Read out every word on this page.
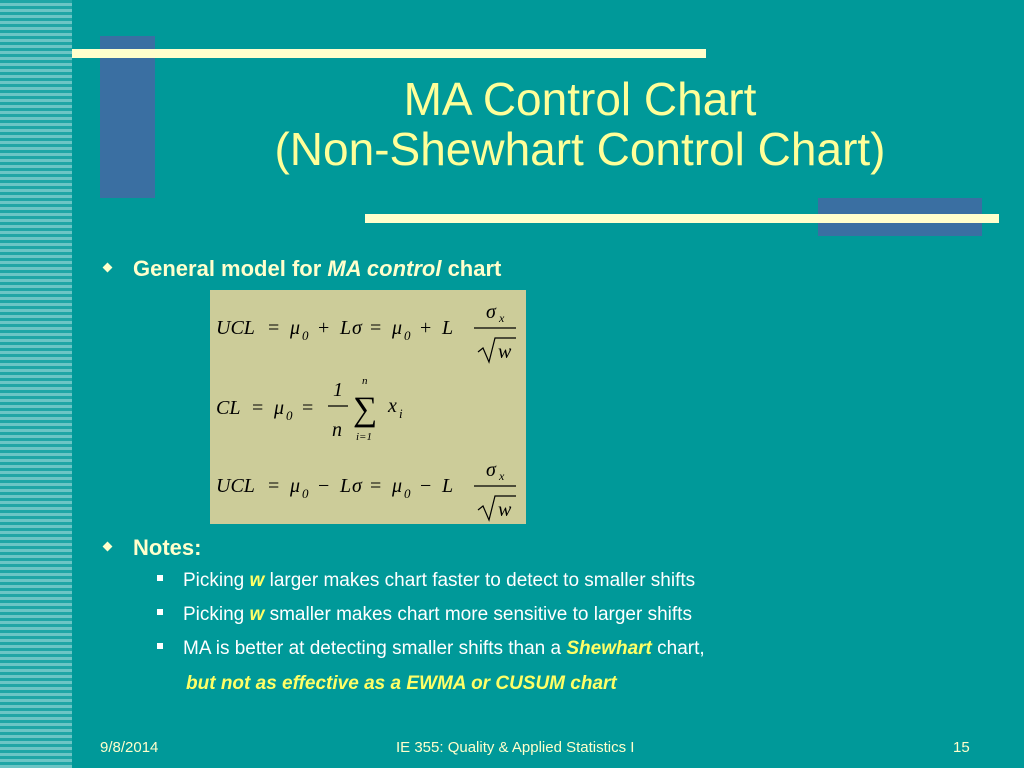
MA Control Chart
(Non-Shewhart Control Chart)
General model for MA control chart
UCL = μ 0 + L σ = μ 0 + L
σ x
w
CL = μ 0 =
1
n
n
∑
i=1
x i
UCL = μ 0 − L σ = μ 0 − L
σ x
w
Notes:
Picking w larger makes chart faster to detect to smaller shifts
Picking w smaller makes chart more sensitive to larger shifts
MA is better at detecting smaller shifts than a Shewhart chart,
but not as effective as a EWMA or CUSUM chart
9/8/2014	IE 355: Quality & Applied Statistics I	15
